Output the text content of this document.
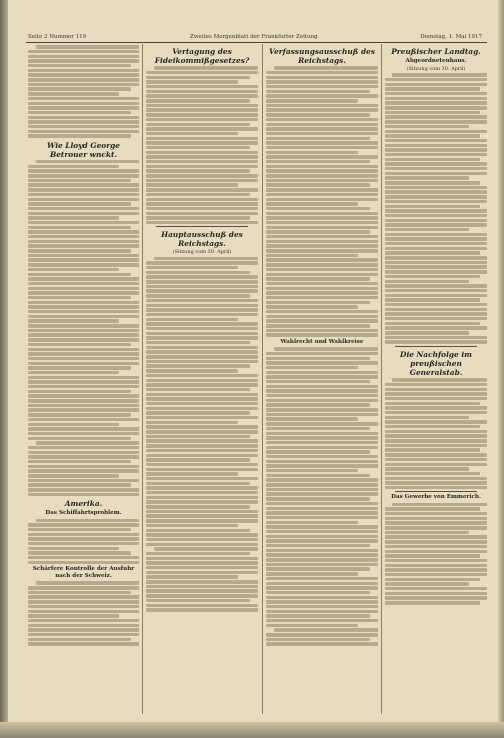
Seite 2 Nummer 119	Zweites Morgenblatt der Frankfurter Zeitung	Dienstag, 1. Mai 1917
Wie Lloyd George Betrouer wnckt.
Amerika.
Das Schiffahrtsproblem.
Schärfere Kontrolle der Ausfuhr nach der Schweiz.
Vertagung des Fideikommißgesetzes?
Hauptausschuß des Reichstags.
(Sitzung vom 30. April)
Verfassungsausschuß des Reichstags.
Wahlrecht und Wahlkreise
Preußischer Landtag.
Abgeordnetenhaus.
(Sitzung vom 30. April)
Die Nachfolge im preußischen Generalstab.
Das Gewerbe von Emmerich.
